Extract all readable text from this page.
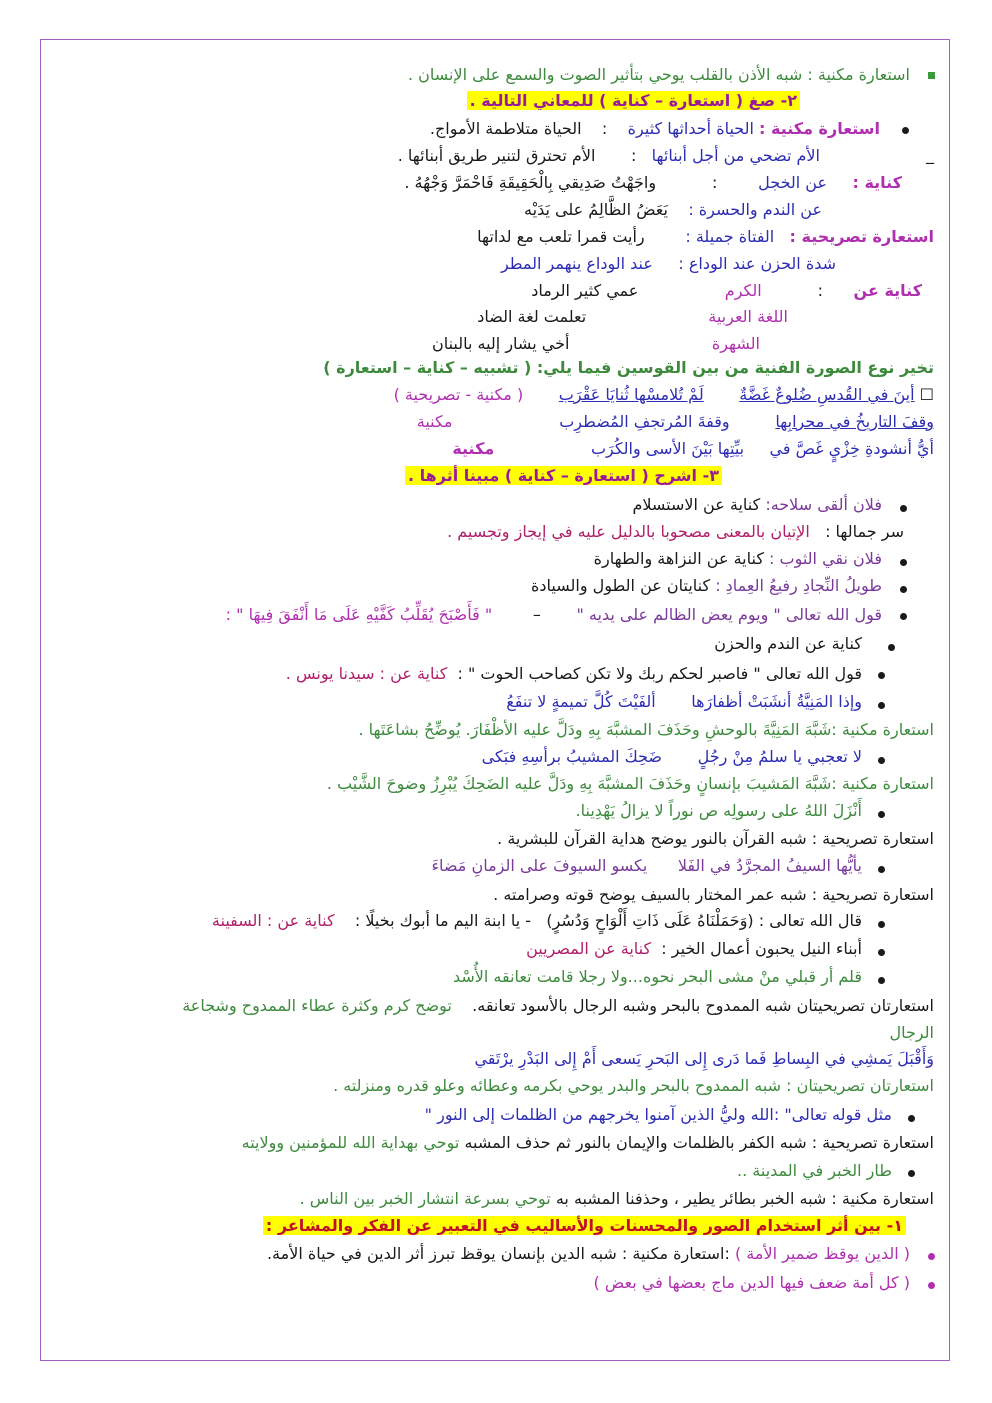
استعارة مكنية : شبه الأذن بالقلب يوحي بتأثير الصوت والسمع على الإنسان .
٢- صغ ( استعارة – كناية ) للمعاني التالية .
استعارة مكنية : الحياة أحداثها كثيرة    :    الحياة متلاطمة الأمواج.
_
الأم تضحي من أجل أبنائها   :       الأم تحترق لتنير طريق أبنائها .
كناية :     عن الخجل        :           واجَهْتُ صَدِيقي بِالْحَقِيقَةِ فَاحْمَرَّ وَجْهُهُ .
عن الندم والحسرة :    يَعَضُ الظَّالِمُ على يَدَيْه
استعارة تصريحية :   الفتاة جميلة :        رأيت قمرا تلعب مع لداتها
شدة الحزن عند الوداع :     عند الوداع ينهمر المطر
كناية عن      :           الكرم                 عمي كثير الرماد
اللغة العربية                        تعلمت لغة الضاد
الشهرة                            أخي يشار إليه بالبنان
تخير نوع الصورة الفنية من بين القوسين فيما يلي: ( تشبيه – كناية – استعارة )
☐ أينَ في القُدسِ ضُلوعٌ غَضَّةٌ       لَمْ تُلامسْها ثُنايَا عَقْرَب       ( مكنية - تصريحية )
وقفَ التاريخُ في محرابِها         وقفةَ المُرتجفِ المُضطرِب                     مكنية
أيُّ أنشودةِ خِزْيٍ غَصَّ في     بيِّتِها بَيْنَ الأسى والكُرَب                   مكنية
٣- اشرح ( استعارة – كناية ) مبينا أثرها .
فلان ألقى سلاحه: كناية عن الاستسلام
سر جمالها :   الإتيان بالمعنى مصحوبا بالدليل عليه في إيجاز وتجسيم .
فلان نقي الثوب : كناية عن النزاهة والطهارة
طويلُ النِّجادِ رفيعُ العِمادِ : كنايتان عن الطول والسيادة
قول الله تعالى " ويوم يعض الظالم على يديه "       –        " فَأَصْبَحَ يُقَلِّبُ كَفَّيْهِ عَلَى مَا أَنْفَقَ فِيهَا " :
كناية عن الندم والحزن
قول الله تعالى " فاصبر لحكم ربك ولا تكن كصاحب الحوت " :  كناية عن : سيدنا يونس .
وإذا المَنِيَّةُ أنشَبَتْ أظفارَها       ألفَيْتَ كُلَّ تميمةٍ لا تنفَعُ
استعارة مكنية :شَبَّهَ المَنِيَّةَ بالوحشِ وحَذَفَ المشبَّهَ بِهِ ودَلَّ عليه الأظْفَارَ. يُوضِّحُ بشاعَتَها .
لا تعجبي يا سلمُ مِنْ رجُلٍ       ضَحِكَ المشيبُ برأسِهِ فبَكى
استعارة مكنية :شَبَّهَ المَشيبَ بإنسانٍ وحَذَفَ المشبَّهَ بِهِ ودَلَّ عليه الضَحِكَ يُبْرِزُ وضوحَ الشَّيْب .
أَنْزَلَ اللهُ على رسولِه ص نوراً لا يزالُ يَهْدِينا.
استعارة تصريحية : شبه القرآن بالنور يوضح هداية القرآن للبشرية .
يأيُّها السيفُ المجرَّدُ في الفَلا      يكسو السيوفَ على الزمانِ مَضاءَ
استعارة تصريحية : شبه عمر المختار بالسيف يوضح قوته وصرامته .
قال الله تعالى : (وَحَمَلْنَاهُ عَلَى ذَاتِ أَلْوَاحٍ وَدُسُرٍ)   - يا ابنة اليم ما أبوك بخيلًا :    كناية عن : السفينة
أبناء النيل يحبون أعمال الخير :  كناية عن المصريين
قلم أر قبلي منْ مشى البحر نحوه...ولا رجلا قامت تعانقه الأُسْد
استعارتان تصريحيتان شبه الممدوح بالبحر وشبه الرجال بالأسود تعانقه.    توضح كرم وكثرة عطاء الممدوح وشجاعة
الرجال
وَأَقْبَلَ يَمشِي في البِساطِ فَما دَرى إِلى البَحرِ يَسعى أَمْ إِلى البَدْرِ يرْتَقي
استعارتان تصريحيتان : شبه الممدوح بالبحر والبدر يوحي بكرمه وعطائه وعلو قدره ومنزلته .
مثل قوله تعالى" :الله وليُّ الذين آمنوا يخرجهم من الظلمات إلى النور "
استعارة تصريحية : شبه الكفر بالظلمات والإيمان بالنور ثم حذف المشبه توحي بهداية الله للمؤمنين وولايته
طار الخبر في المدينة ..
استعارة مكنية : شبه الخبر بطائر يطير ، وحذفنا المشبه به توحي بسرعة انتشار الخبر بين الناس .
١- بين أثر استخدام الصور والمحسنات والأساليب في التعبير عن الفكر والمشاعر :
( الدين يوقظ ضمير الأمة ) :استعارة مكنية : شبه الدين بإنسان يوقظ تبرز أثر الدين في حياة الأمة.
( كل أمة ضعف فيها الدين ماج بعضها في بعض )
